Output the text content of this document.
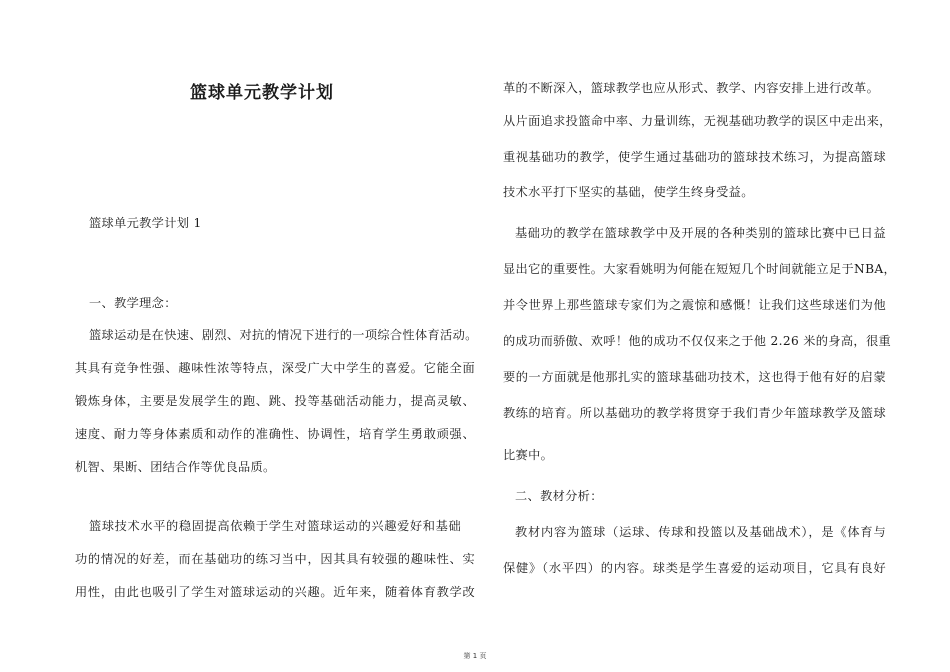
篮球单元教学计划
篮球单元教学计划 1
一、教学理念：
篮球运动是在快速、剧烈、对抗的情况下进行的一项综合性体育活动。
其具有竞争性强、趣味性浓等特点，深受广大中学生的喜爱。它能全面
锻炼身体，主要是发展学生的跑、跳、投等基础活动能力，提高灵敏、
速度、耐力等身体素质和动作的准确性、协调性，培育学生勇敢顽强、
机智、果断、团结合作等优良品质。
篮球技术水平的稳固提高依赖于学生对篮球运动的兴趣爱好和基础
功的情况的好差，而在基础功的练习当中，因其具有较强的趣味性、实
用性，由此也吸引了学生对篮球运动的兴趣。近年来，随着体育教学改
革的不断深入，篮球教学也应从形式、教学、内容安排上进行改革。
从片面追求投篮命中率、力量训练，无视基础功教学的误区中走出来，
重视基础功的教学，使学生通过基础功的篮球技术练习，为提高篮球
技术水平打下坚实的基础，使学生终身受益。
基础功的教学在篮球教学中及开展的各种类别的篮球比赛中已日益
显出它的重要性。大家看姚明为何能在短短几个时间就能立足于NBA，
并令世界上那些篮球专家们为之震惊和感慨！让我们这些球迷们为他
的成功而骄傲、欢呼！他的成功不仅仅来之于他 2.26 米的身高，很重
要的一方面就是他那扎实的篮球基础功技术，这也得于他有好的启蒙
教练的培育。所以基础功的教学将贯穿于我们青少年篮球教学及篮球
比赛中。
二、教材分析：
教材内容为篮球（运球、传球和投篮以及基础战术），是《体育与
保健》（水平四）的内容。球类是学生喜爱的运动项目，它具有良好
第 1 页
